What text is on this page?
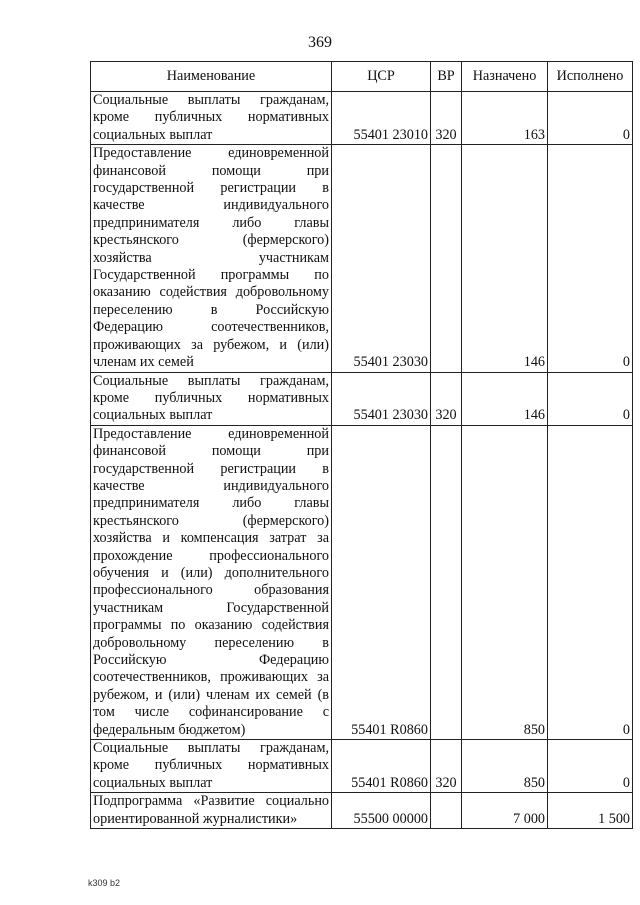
369
Наименование	ЦСР	ВР	Назначено	Исполнено
Социальные выплаты гражданам, кроме публичных нормативных социальных выплат	55401 23010	320	163	0
Предоставление единовременной финансовой помощи при государственной регистрации в качестве индивидуального предпринимателя либо главы крестьянского (фермерского) хозяйства участникам Государственной программы по оказанию содействия добровольному переселению в Российскую Федерацию соотечественников, проживающих за рубежом, и (или) членам их семей	55401 23030		146	0
Социальные выплаты гражданам, кроме публичных нормативных социальных выплат	55401 23030	320	146	0
Предоставление единовременной финансовой помощи при государственной регистрации в качестве индивидуального предпринимателя либо главы крестьянского (фермерского) хозяйства и компенсация затрат за прохождение профессионального обучения и (или) дополнительного профессионального образования участникам Государственной программы по оказанию содействия добровольному переселению в Российскую Федерацию соотечественников, проживающих за рубежом, и (или) членам их семей (в том числе софинансирование с федеральным бюджетом)	55401 R0860		850	0
Социальные выплаты гражданам, кроме публичных нормативных социальных выплат	55401 R0860	320	850	0
Подпрограмма «Развитие социально ориентированной журналистики»	55500 00000		7 000	1 500
k309 b2
